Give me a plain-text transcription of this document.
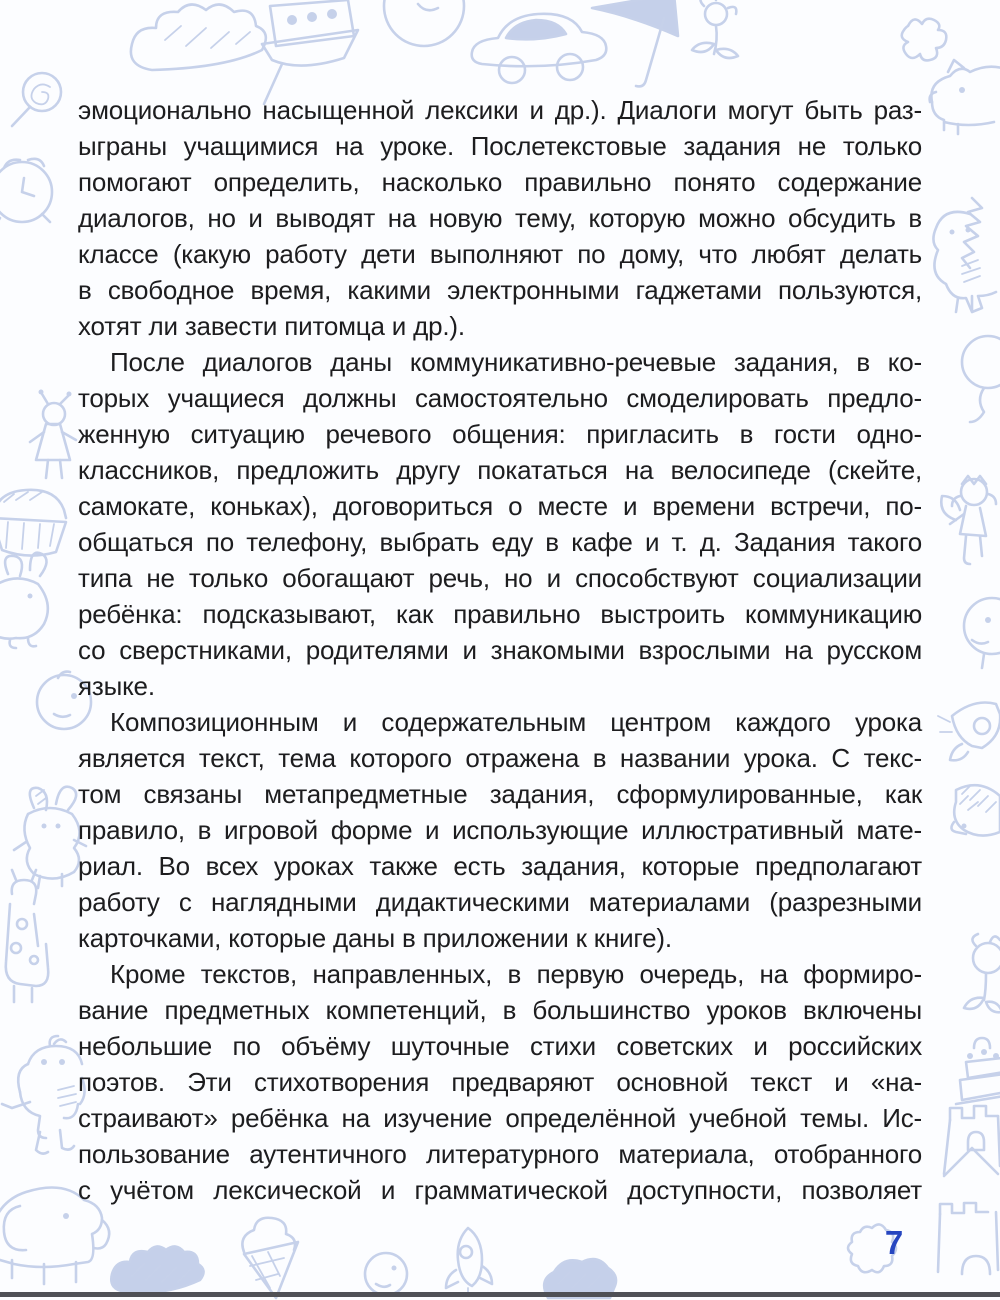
эмоционально насыщенной лексики и др.). Диалоги могут быть раз-
ыграны учащимися на уроке. Послетекстовые задания не только
помогают определить, насколько правильно понято содержание
диалогов, но и выводят на новую тему, которую можно обсудить в
классе (какую работу дети выполняют по дому, что любят делать
в свободное время, какими электронными гаджетами пользуются,
хотят ли завести питомца и др.).
После диалогов даны коммуникативно-речевые задания, в ко-
торых учащиеся должны самостоятельно смоделировать предло-
женную ситуацию речевого общения: пригласить в гости одно-
классников, предложить другу покататься на велосипеде (скейте,
самокате, коньках), договориться о месте и времени встречи, по-
общаться по телефону, выбрать еду в кафе и т. д. Задания такого
типа не только обогащают речь, но и способствуют социализации
ребёнка: подсказывают, как правильно выстроить коммуникацию
со сверстниками, родителями и знакомыми взрослыми на русском
языке.
Композиционным и содержательным центром каждого урока
является текст, тема которого отражена в названии урока. С текс-
том связаны метапредметные задания, сформулированные, как
правило, в игровой форме и использующие иллюстративный мате-
риал. Во всех уроках также есть задания, которые предполагают
работу с наглядными дидактическими материалами (разрезными
карточками, которые даны в приложении к книге).
Кроме текстов, направленных, в первую очередь, на формиро-
вание предметных компетенций, в большинство уроков включены
небольшие по объёму шуточные стихи советских и российских
поэтов. Эти стихотворения предваряют основной текст и «на-
страивают» ребёнка на изучение определённой учебной темы. Ис-
пользование аутентичного литературного материала, отобранного
с учётом лексической и грамматической доступности, позволяет
7
